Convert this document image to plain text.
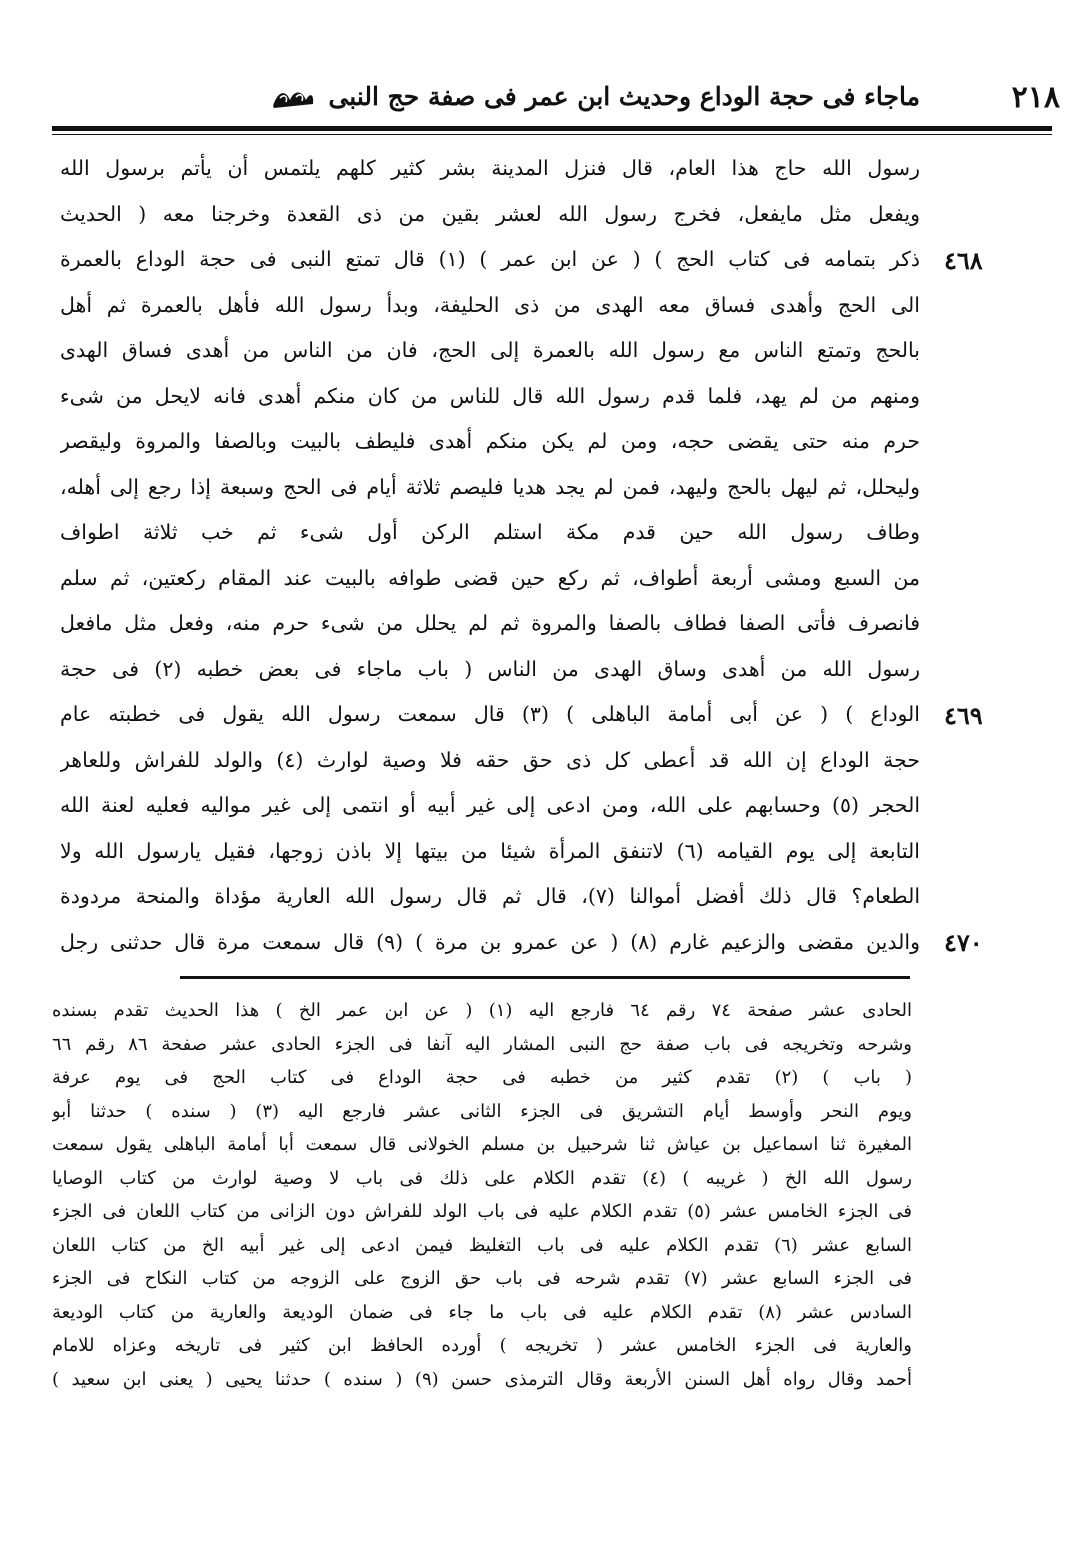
٢١٨
ماجاء فى حجة الوداع وحديث ابن عمر فى صفة حج النبى
٤٦٨
٤٦٩
٤٧٠
رسول الله حاج هذا العام، قال فنزل المدينة بشر كثير كلهم يلتمس أن يأتم برسول الله
ويفعل مثل مايفعل، فخرج رسول الله لعشر بقين من ذى القعدة وخرجنا معه ( الحديث
ذكر بتمامه فى كتاب الحج ) ( عن ابن عمر ) (١) قال تمتع النبى فى حجة الوداع بالعمرة
الى الحج وأهدى فساق معه الهدى من ذى الحليفة، وبدأ رسول الله فأهل بالعمرة ثم أهل
بالحج وتمتع الناس مع رسول الله بالعمرة إلى الحج، فان من الناس من أهدى فساق الهدى
ومنهم من لم يهد، فلما قدم رسول الله قال للناس من كان منكم أهدى فانه لايحل من شىء
حرم منه حتى يقضى حجه، ومن لم يكن منكم أهدى فليطف بالبيت وبالصفا والمروة وليقصر
وليحلل، ثم ليهل بالحج وليهد، فمن لم يجد هديا فليصم ثلاثة أيام فى الحج وسبعة إذا رجع إلى أهله،
وطاف رسول الله حين قدم مكة استلم الركن أول شىء ثم خب ثلاثة اطواف
من السبع ومشى أربعة أطواف، ثم ركع حين قضى طوافه بالبيت عند المقام ركعتين، ثم سلم
فانصرف فأتى الصفا فطاف بالصفا والمروة ثم لم يحلل من شىء حرم منه، وفعل مثل مافعل
رسول الله من أهدى وساق الهدى من الناس ( باب ماجاء فى بعض خطبه (٢) فى حجة
الوداع ) ( عن أبى أمامة الباهلى ) (٣) قال سمعت رسول الله يقول فى خطبته عام
حجة الوداع إن الله قد أعطى كل ذى حق حقه فلا وصية لوارث (٤) والولد للفراش وللعاهر
الحجر (٥) وحسابهم على الله، ومن ادعى إلى غير أبيه أو انتمى إلى غير مواليه فعليه لعنة الله
التابعة إلى يوم القيامه (٦) لاتنفق المرأة شيئا من بيتها إلا باذن زوجها، فقيل يارسول الله ولا
الطعام؟ قال ذلك أفضل أموالنا (٧)، قال ثم قال رسول الله العارية مؤداة والمنحة مردودة
والدين مقضى والزعيم غارم (٨) ( عن عمرو بن مرة ) (٩) قال سمعت مرة قال حدثنى رجل
الحادى عشر صفحة ٧٤ رقم ٦٤ فارجع اليه (١) ( عن ابن عمر الخ ) هذا الحديث تقدم بسنده
وشرحه وتخريجه فى باب صفة حج النبى المشار اليه آنفا فى الجزء الحادى عشر صفحة ٨٦ رقم ٦٦
( باب ) (٢) تقدم كثير من خطبه فى حجة الوداع فى كتاب الحج فى يوم عرفة
ويوم النحر وأوسط أيام التشريق فى الجزء الثانى عشر فارجع اليه (٣) ( سنده ) حدثنا أبو
المغيرة ثنا اسماعيل بن عياش ثنا شرحبيل بن مسلم الخولانى قال سمعت أبا أمامة الباهلى يقول سمعت
رسول الله الخ ( غريبه ) (٤) تقدم الكلام على ذلك فى باب لا وصية لوارث من كتاب الوصايا
فى الجزء الخامس عشر (٥) تقدم الكلام عليه فى باب الولد للفراش دون الزانى من كتاب اللعان فى الجزء
السابع عشر (٦) تقدم الكلام عليه فى باب التغليظ فيمن ادعى إلى غير أبيه الخ من كتاب اللعان
فى الجزء السابع عشر (٧) تقدم شرحه فى باب حق الزوج على الزوجه من كتاب النكاح فى الجزء
السادس عشر (٨) تقدم الكلام عليه فى باب ما جاء فى ضمان الوديعة والعارية من كتاب الوديعة
والعارية فى الجزء الخامس عشر ( تخريجه ) أورده الحافظ ابن كثير فى تاريخه وعزاه للامام
أحمد وقال رواه أهل السنن الأربعة وقال الترمذى حسن (٩) ( سنده ) حدثنا يحيى ( يعنى ابن سعيد )
